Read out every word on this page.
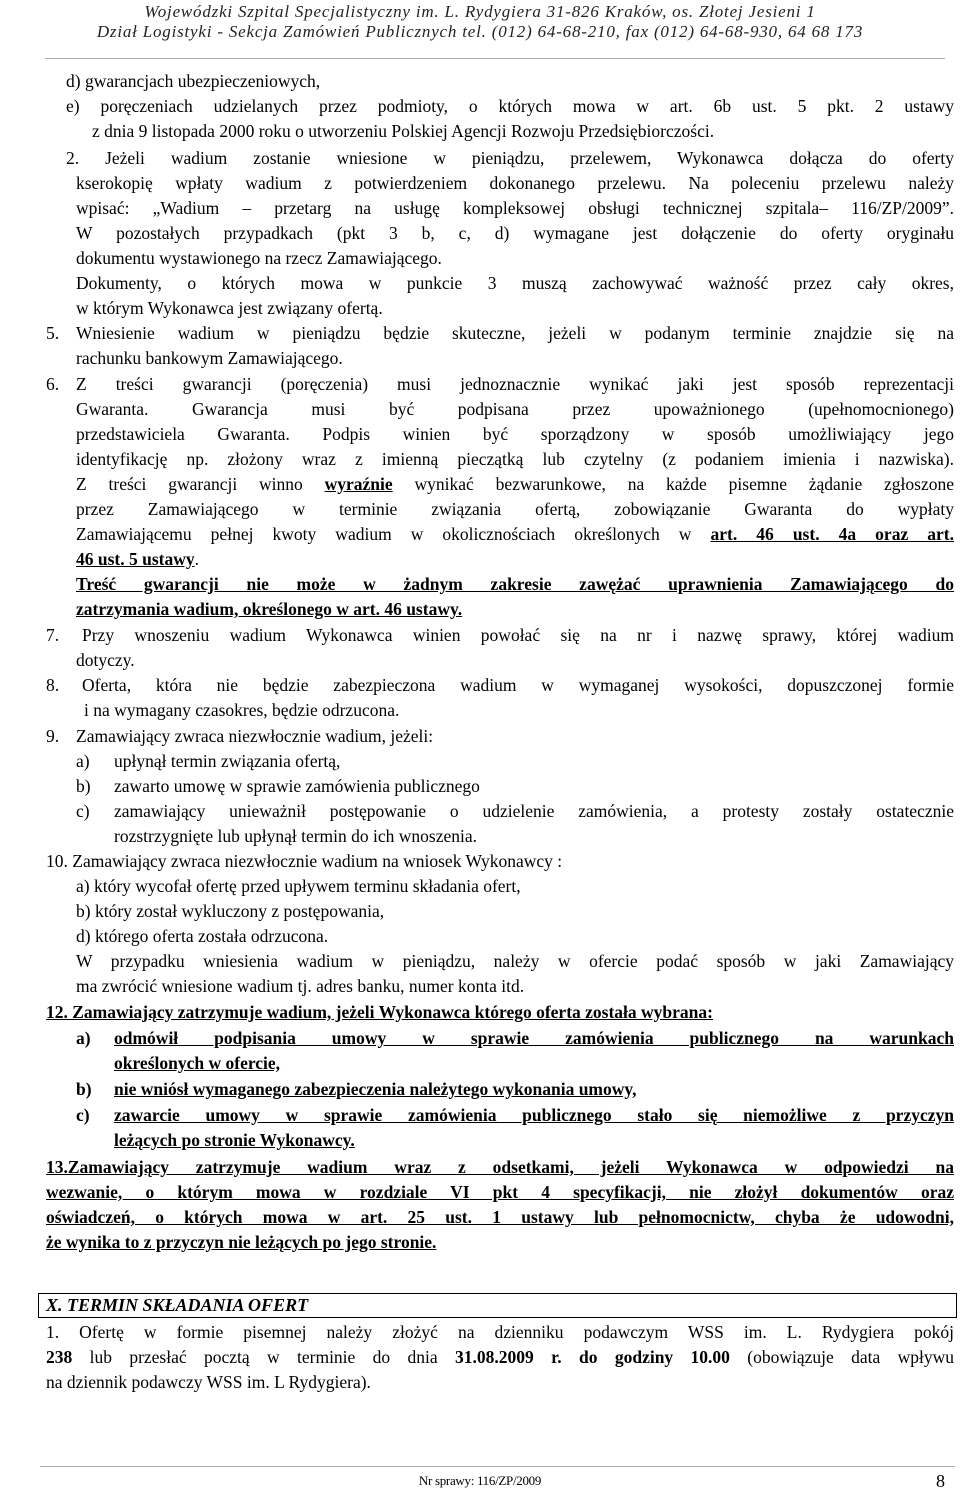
Wojewódzki Szpital Specjalistyczny im. L. Rydygiera 31-826 Kraków, os. Złotej Jesieni 1
Dział Logistyki - Sekcja Zamówień Publicznych tel. (012) 64-68-210, fax (012) 64-68-930, 64 68 173
d) gwarancjach ubezpieczeniowych,
e) poręczeniach udzielanych przez podmioty, o których mowa w art. 6b ust. 5 pkt. 2 ustawy
z dnia 9 listopada 2000 roku o utworzeniu Polskiej Agencji Rozwoju Przedsiębiorczości.
2. Jeżeli wadium zostanie wniesione w pieniądzu, przelewem, Wykonawca dołącza do oferty
kserokopię wpłaty wadium z potwierdzeniem dokonanego przelewu. Na poleceniu przelewu należy
wpisać: „Wadium – przetarg na usługę kompleksowej obsługi technicznej szpitala– 116/ZP/2009”.
W pozostałych przypadkach (pkt 3 b, c, d) wymagane jest dołączenie do oferty oryginału
dokumentu wystawionego na rzecz Zamawiającego.
Dokumenty, o których mowa w punkcie 3 muszą zachowywać ważność przez cały okres,
w którym Wykonawca jest związany ofertą.
5. Wniesienie wadium w pieniądzu będzie skuteczne, jeżeli w podanym terminie znajdzie się na
rachunku bankowym Zamawiającego.
6. Z treści gwarancji (poręczenia) musi jednoznacznie wynikać jaki jest sposób reprezentacji
Gwaranta. Gwarancja musi być podpisana przez upoważnionego (upełnomocnionego)
przedstawiciela Gwaranta. Podpis winien być sporządzony w sposób umożliwiający jego
identyfikację np. złożony wraz z imienną pieczątką lub czytelny (z podaniem imienia i nazwiska).
Z treści gwarancji winno wyraźnie wynikać bezwarunkowe, na każde pisemne żądanie zgłoszone
przez Zamawiającego w terminie związania ofertą, zobowiązanie Gwaranta do wypłaty
Zamawiającemu pełnej kwoty wadium w okolicznościach określonych w art. 46 ust. 4a oraz art.
46 ust. 5 ustawy.
Treść gwarancji nie może w żadnym zakresie zawężać uprawnienia Zamawiającego do
zatrzymania wadium, określonego w art. 46 ustawy.
7. Przy wnoszeniu wadium Wykonawca winien powołać się na nr i nazwę sprawy, której wadium
dotyczy.
8. Oferta, która nie będzie zabezpieczona wadium w wymaganej wysokości, dopuszczonej formie
i na wymagany czasokres, będzie odrzucona.
9. Zamawiający zwraca niezwłocznie wadium, jeżeli:
a) upłynął termin związania ofertą,
b) zawarto umowę w sprawie zamówienia publicznego
c) zamawiający unieważnił postępowanie o udzielenie zamówienia, a protesty zostały ostatecznie
rozstrzygnięte lub upłynął termin do ich wnoszenia.
10. Zamawiający zwraca niezwłocznie wadium na wniosek Wykonawcy :
a) który wycofał ofertę przed upływem terminu składania ofert,
b) który został wykluczony z postępowania,
d) którego oferta została odrzucona.
W przypadku wniesienia wadium w pieniądzu, należy w ofercie podać sposób w jaki Zamawiający
ma zwrócić wniesione wadium tj. adres banku, numer konta itd.
12. Zamawiający zatrzymuje wadium, jeżeli Wykonawca którego oferta została wybrana:
a) odmówił podpisania umowy w sprawie zamówienia publicznego na warunkach
określonych w ofercie,
b) nie wniósł wymaganego zabezpieczenia należytego wykonania umowy,
c) zawarcie umowy w sprawie zamówienia publicznego stało się niemożliwe z przyczyn
leżących po stronie Wykonawcy.
13.Zamawiający zatrzymuje wadium wraz z odsetkami, jeżeli Wykonawca w odpowiedzi na
wezwanie, o którym mowa w rozdziale VI pkt 4 specyfikacji, nie złożył dokumentów oraz
oświadczeń, o których mowa w art. 25 ust. 1 ustawy lub pełnomocnictw, chyba że udowodni,
że wynika to z przyczyn nie leżących po jego stronie.
X. TERMIN SKŁADANIA OFERT
1. Ofertę w formie pisemnej należy złożyć na dzienniku podawczym WSS im. L. Rydygiera pokój
238 lub przesłać pocztą w terminie do dnia 31.08.2009 r. do godziny 10.00 (obowiązuje data wpływu
na dziennik podawczy WSS im. L Rydygiera).
Nr sprawy: 116/ZP/2009	8
